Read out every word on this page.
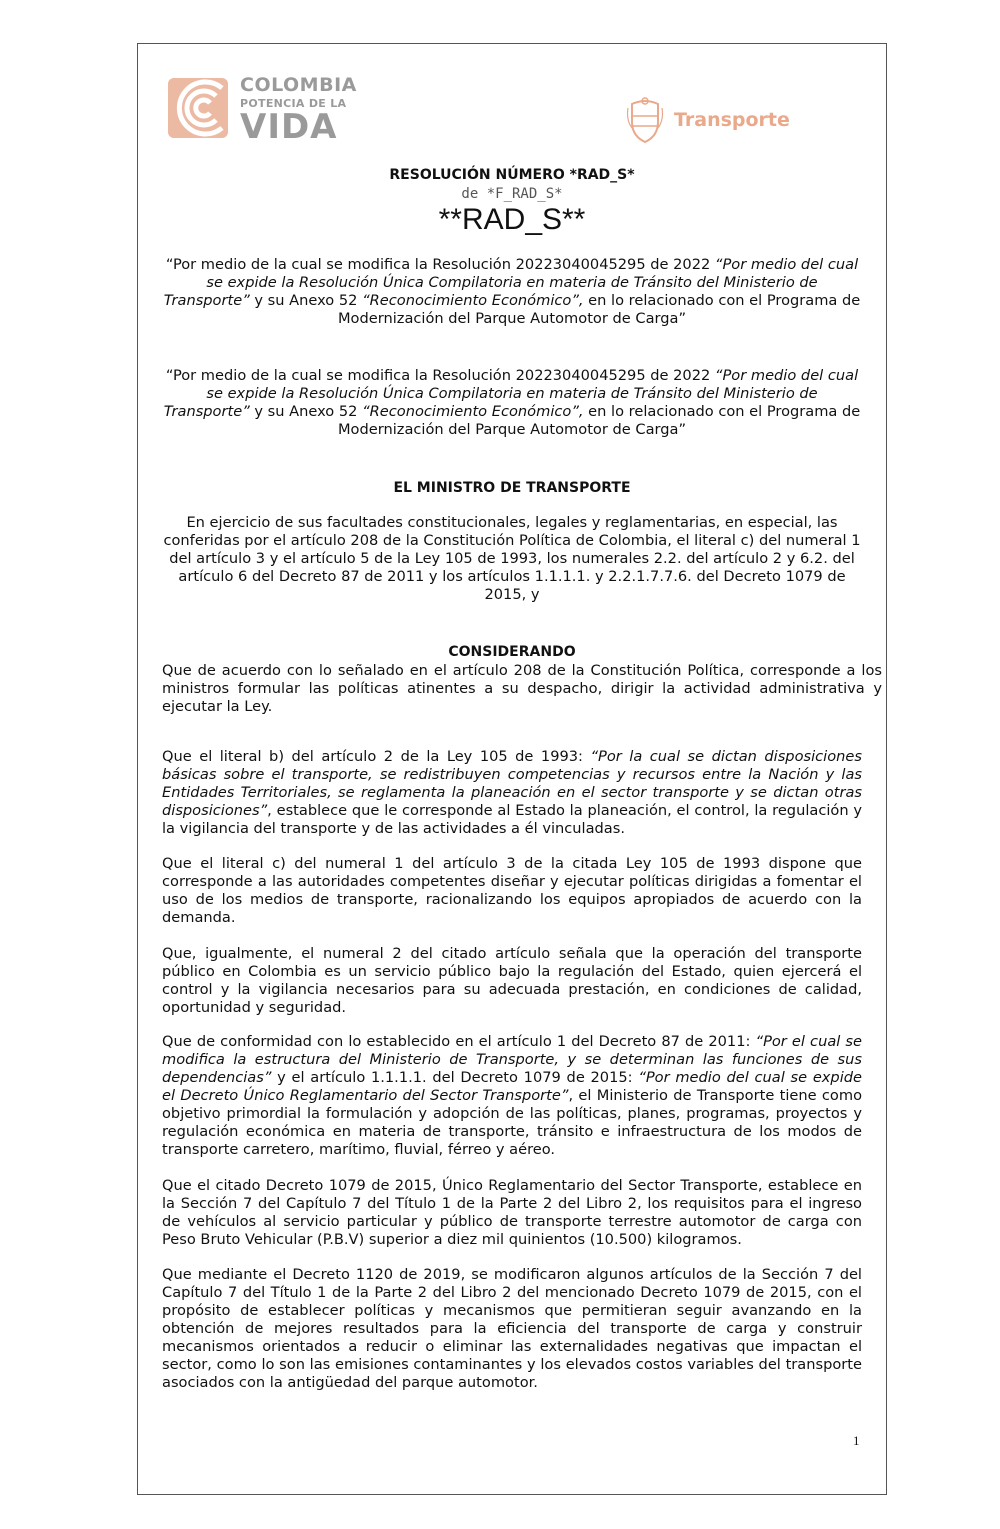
COLOMBIA
POTENCIA DE LA
VIDA	Transporte
RESOLUCIÓN NÚMERO *RAD_S*
de *F_RAD_S*
**RAD_S**
“Por medio de la cual se modifica la Resolución 20223040045295 de 2022 “Por medio del cual se expide la Resolución Única Compilatoria en materia de Tránsito del Ministerio de Transporte” y su Anexo 52 “Reconocimiento Económico”, en lo relacionado con el Programa de Modernización del Parque Automotor de Carga”
“Por medio de la cual se modifica la Resolución 20223040045295 de 2022 “Por medio del cual se expide la Resolución Única Compilatoria en materia de Tránsito del Ministerio de Transporte” y su Anexo 52 “Reconocimiento Económico”, en lo relacionado con el Programa de Modernización del Parque Automotor de Carga”
EL MINISTRO DE TRANSPORTE
En ejercicio de sus facultades constitucionales, legales y reglamentarias, en especial, las conferidas por el artículo 208 de la Constitución Política de Colombia, el literal c) del numeral 1 del artículo 3 y el artículo 5 de la Ley 105 de 1993, los numerales 2.2. del artículo 2 y 6.2. del artículo 6 del Decreto 87 de 2011 y los artículos 1.1.1.1. y 2.2.1.7.7.6. del Decreto 1079 de 2015, y
CONSIDERANDO
Que de acuerdo con lo señalado en el artículo 208 de la Constitución Política, corresponde a los ministros formular las políticas atinentes a su despacho, dirigir la actividad administrativa y ejecutar la Ley.
Que el literal b) del artículo 2 de la Ley 105 de 1993: “Por la cual se dictan disposiciones básicas sobre el transporte, se redistribuyen competencias y recursos entre la Nación y las Entidades Territoriales, se reglamenta la planeación en el sector transporte y se dictan otras disposiciones”, establece que le corresponde al Estado la planeación, el control, la regulación y la vigilancia del transporte y de las actividades a él vinculadas.
Que el literal c) del numeral 1 del artículo 3 de la citada Ley 105 de 1993 dispone que corresponde a las autoridades competentes diseñar y ejecutar políticas dirigidas a fomentar el uso de los medios de transporte, racionalizando los equipos apropiados de acuerdo con la demanda.
Que, igualmente, el numeral 2 del citado artículo señala que la operación del transporte público en Colombia es un servicio público bajo la regulación del Estado, quien ejercerá el control y la vigilancia necesarios para su adecuada prestación, en condiciones de calidad, oportunidad y seguridad.
Que de conformidad con lo establecido en el artículo 1 del Decreto 87 de 2011: “Por el cual se modifica la estructura del Ministerio de Transporte, y se determinan las funciones de sus dependencias” y el artículo 1.1.1.1. del Decreto 1079 de 2015: “Por medio del cual se expide el Decreto Único Reglamentario del Sector Transporte”, el Ministerio de Transporte tiene como objetivo primordial la formulación y adopción de las políticas, planes, programas, proyectos y regulación económica en materia de transporte, tránsito e infraestructura de los modos de transporte carretero, marítimo, fluvial, férreo y aéreo.
Que el citado Decreto 1079 de 2015, Único Reglamentario del Sector Transporte, establece en la Sección 7 del Capítulo 7 del Título 1 de la Parte 2 del Libro 2, los requisitos para el ingreso de vehículos al servicio particular y público de transporte terrestre automotor de carga con Peso Bruto Vehicular (P.B.V) superior a diez mil quinientos (10.500) kilogramos.
Que mediante el Decreto 1120 de 2019, se modificaron algunos artículos de la Sección 7 del Capítulo 7 del Título 1 de la Parte 2 del Libro 2 del mencionado Decreto 1079 de 2015, con el propósito de establecer políticas y mecanismos que permitieran seguir avanzando en la obtención de mejores resultados para la eficiencia del transporte de carga y construir mecanismos orientados a reducir o eliminar las externalidades negativas que impactan el sector, como lo son las emisiones contaminantes y los elevados costos variables del transporte asociados con la antigüedad del parque automotor.
1
